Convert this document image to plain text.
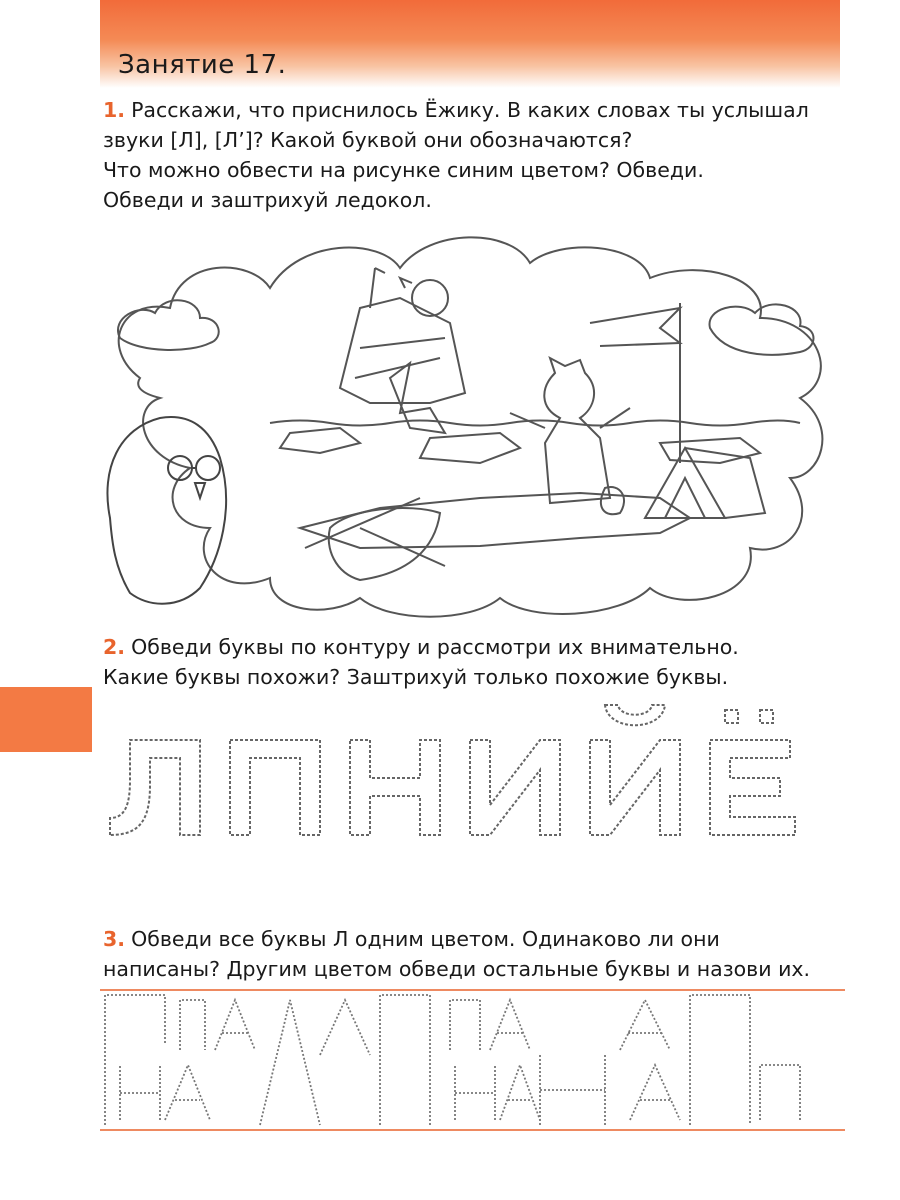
Занятие 17.
1. Расскажи, что приснилось Ёжику. В каких словах ты услышал
звуки [Л], [Л’]? Какой буквой они обозначаются?
Что можно обвести на рисунке синим цветом? Обведи.
Обведи и заштрихуй ледокол.
2. Обведи буквы по контуру и рассмотри их внимательно.
Какие буквы похожи? Заштрихуй только похожие буквы.
3. Обведи все буквы Л одним цветом. Одинаково ли они
написаны? Другим цветом обведи остальные буквы и назови их.
